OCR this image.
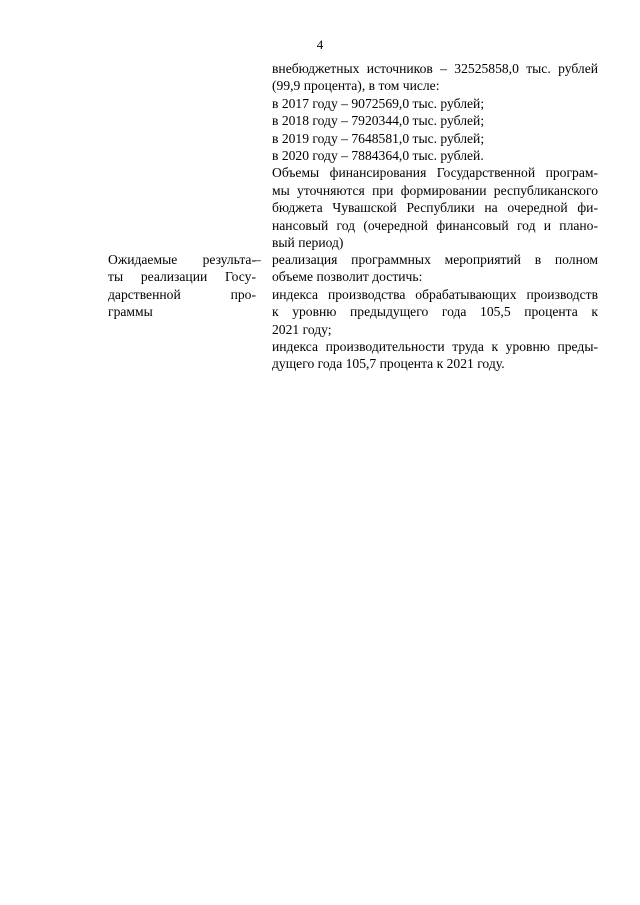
4
внебюджетных источников – 32525858,0 тыс. рублей
(99,9 процента), в том числе:
в 2017 году – 9072569,0 тыс. рублей;
в 2018 году – 7920344,0 тыс. рублей;
в 2019 году – 7648581,0 тыс. рублей;
в 2020 году – 7884364,0 тыс. рублей.
Объемы финансирования Государственной програм-
мы уточняются при формировании республиканского
бюджета Чувашской Республики на очередной фи-
нансовый год (очередной финансовый год и плано-
вый период)
Ожидаемые результа-
ты реализации Госу-
дарственной про-
граммы
– реализация программных мероприятий в полном
объеме позволит достичь:
индекса производства обрабатывающих производств
к уровню предыдущего года 105,5 процента к
2021 году;
индекса производительности труда к уровню преды-
дущего года 105,7 процента к 2021 году.
